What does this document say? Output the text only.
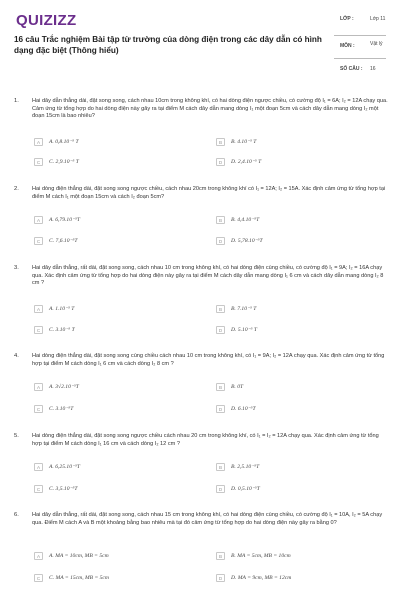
QUIZIZZ
16 câu Trắc nghiệm Bài tập từ trường của dòng điện trong các dây dẫn có hình dạng đặc biệt (Thông hiểu)
LỚP :	Lớp 11
MÔN :	Vật lý
SỐ CÂU : 16
1. Hai dây dẫn thẳng dài, đặt song song, cách nhau 10cm trong không khí, có hai dòng điện ngược chiều, có cường độ I₁ = 6A; I₂ = 12A chạy qua. Cảm ứng từ tổng hợp do hai dòng điện này gây ra tại điểm M cách dây dẫn mang dòng I₁ một đoạn 5cm và cách dây dẫn mang dòng I₂ một đoạn 15cm là bao nhiêu?
A	A. 0,8.10⁻⁵ T	B	B. 4.10⁻⁵ T
C	C. 2,9.10⁻⁵ T	D	D. 2,4.10⁻⁵ T
2. Hai dòng điện thẳng dài, đặt song song ngược chiều, cách nhau 20cm trong không khí có I₁ = 12A; I₂ = 15A. Xác định cảm ứng từ tổng hợp tại điểm M cách I₁ một đoạn 15cm và cách I₂ đoạn 5cm?
A	A. 6,79.10⁻⁵T	B	B. 4,4.10⁻⁵T
C	C. 7,6.10⁻⁵T	D	D. 5,78.10⁻⁵T
3. Hai dây dẫn thẳng, rất dài, đặt song song, cách nhau 10 cm trong không khí, có hai dòng điện cùng chiều, có cường độ I₁ = 9A; I₂ = 16A chạy qua. Xác định cảm ứng từ tổng hợp do hai dòng điện này gây ra tại điểm M cách dây dẫn mang dòng I₁ 6 cm và cách dây dẫn mang dòng I₂ 8 cm ?
A	A. 1.10⁻⁵ T	B	B. 7.10⁻⁵ T
C	C. 3.10⁻⁵ T	D	D. 5.10⁻⁵ T
4. Hai dòng điện thẳng dài, đặt song song cùng chiều cách nhau 10 cm trong không khí, có I₁ = 9A; I₂ = 12A chạy qua. Xác định cảm ứng từ tổng hợp tại điểm M cách dòng I₁ 6 cm và cách dòng I₂ 8 cm ?
A	A. 3√2.10⁻⁵T	B	B. 0T
C	C. 3.10⁻⁵T	D	D. 6.10⁻⁵T
5. Hai dòng điện thẳng dài, đặt song song ngược chiều cách nhau 20 cm trong không khí, có I₁ = I₂ = 12A chạy qua. Xác định cảm ứng từ tổng hợp tại điểm M cách dòng I₁ 16 cm và cách dòng I₂ 12 cm ?
A	A. 6,25.10⁻⁵T	B	B. 2,5.10⁻⁵T
C	C. 3,5.10⁻⁵T	D	D. 0,5.10⁻⁵T
6. Hai dây dẫn thẳng, rất dài, đặt song song, cách nhau 15 cm trong không khí, có hai dòng điện cùng chiều, có cường độ I₁ = 10A, I₂ = 5A chạy qua. Điểm M cách A và B một khoảng bằng bao nhiêu mà tại đó cảm ứng từ tổng hợp do hai dòng điện này gây ra bằng 0?
A	A. MA = 10cm, MB = 5cm	B	B. MA = 5cm, MB = 10cm
C	C. MA = 15cm, MB = 5cm	D	D. MA = 9cm, MB = 12cm
